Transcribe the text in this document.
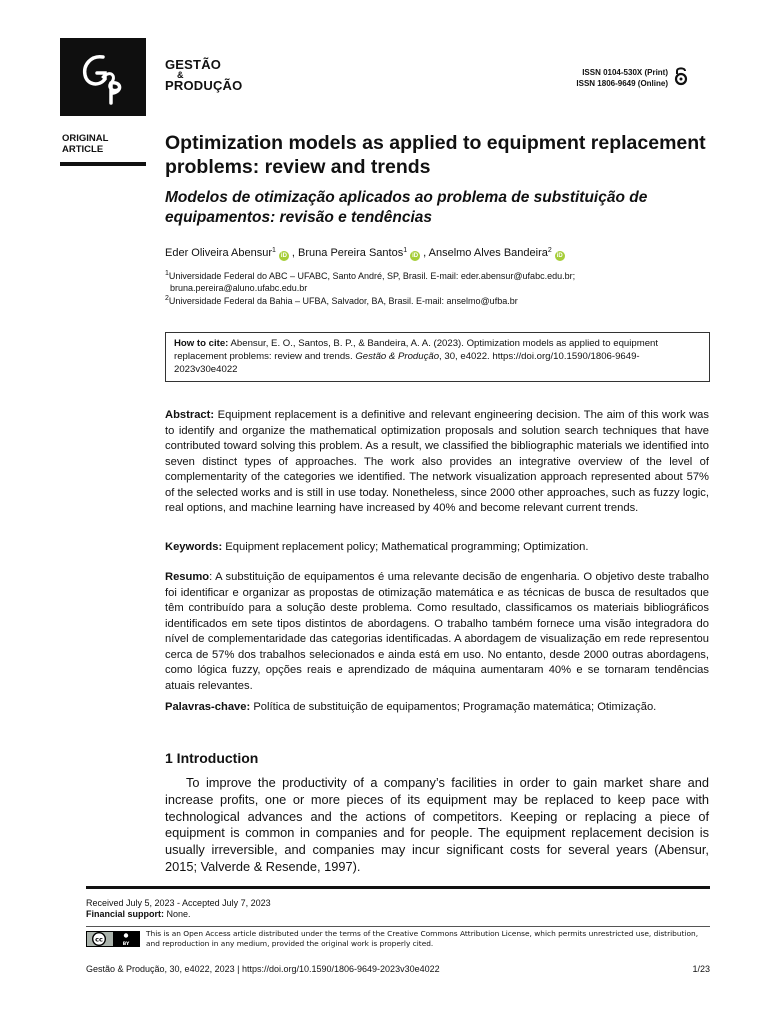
GESTÃO
&
PRODUÇÃO
ISSN 0104-530X (Print)
ISSN 1806-9649 (Online)
ORIGINAL ARTICLE	Optimization models as applied to equipment replacement problems: review and trends
Modelos de otimização aplicados ao problema de substituição de equipamentos: revisão e tendências
Eder Oliveira Abensur$^1$iD , Bruna Pereira Santos$^1$iD , Anselmo Alves Bandeira$^2$iD
$^1$Universidade Federal do ABC – UFABC, Santo André, SP, Brasil. E-mail: eder.abensur@ufabc.edu.br;
bruna.pereira@aluno.ufabc.edu.br
$^2$Universidade Federal da Bahia – UFBA, Salvador, BA, Brasil. E-mail: anselmo@ufba.br
How to cite: Abensur, E. O., Santos, B. P., & Bandeira, A. A. (2023). Optimization models as applied to equipment replacement problems: review and trends. Gestão & Produção, 30, e4022. https://doi.org/10.1590/1806-9649-2023v30e4022

Abstract: Equipment replacement is a definitive and relevant engineering decision. The aim of this work was to identify and organize the mathematical optimization proposals and solution search techniques that have contributed toward solving this problem. As a result, we classified the bibliographic materials we identified into seven distinct types of approaches. The work also provides an integrative overview of the level of complementarity of the categories we identified. The network visualization approach represented about 57% of the selected works and is still in use today. Nonetheless, since 2000 other approaches, such as fuzzy logic, real options, and machine learning have increased by 40% and become relevant current trends.

Keywords: Equipment replacement policy; Mathematical programming; Optimization.

Resumo: A substituição de equipamentos é uma relevante decisão de engenharia. O objetivo deste trabalho foi identificar e organizar as propostas de otimização matemática e as técnicas de busca de resultados que têm contribuído para a solução deste problema. Como resultado, classificamos os materiais bibliográficos identificados em sete tipos distintos de abordagens. O trabalho também fornece uma visão integradora do nível de complementaridade das categorias identificadas. A abordagem de visualização em rede representou cerca de 57% dos trabalhos selecionados e ainda está em uso. No entanto, desde 2000 outras abordagens, como lógica fuzzy, opções reais e aprendizado de máquina aumentaram 40% e se tornaram tendências atuais relevantes.

Palavras-chave: Política de substituição de equipamentos; Programação matemática; Otimização.

1 Introduction

To improve the productivity of a company’s facilities in order to gain market share and increase profits, one or more pieces of its equipment may be replaced to keep pace with technological advances and the actions of competitors. Keeping or replacing a piece of equipment is common in companies and for people. The equipment replacement decision is usually irreversible, and companies may incur significant costs for several years (Abensur, 2015; Valverde & Resende, 1997).

Received July 5, 2023 - Accepted July 7, 2023
Financial support: None.
cc
BY
This is an Open Access article distributed under the terms of the Creative Commons Attribution License, which permits unrestricted use, distribution, and reproduction in any medium, provided the original work is properly cited.
Gestão & Produção, 30, e4022, 2023 | https://doi.org/10.1590/1806-9649-2023v30e4022	1/23
